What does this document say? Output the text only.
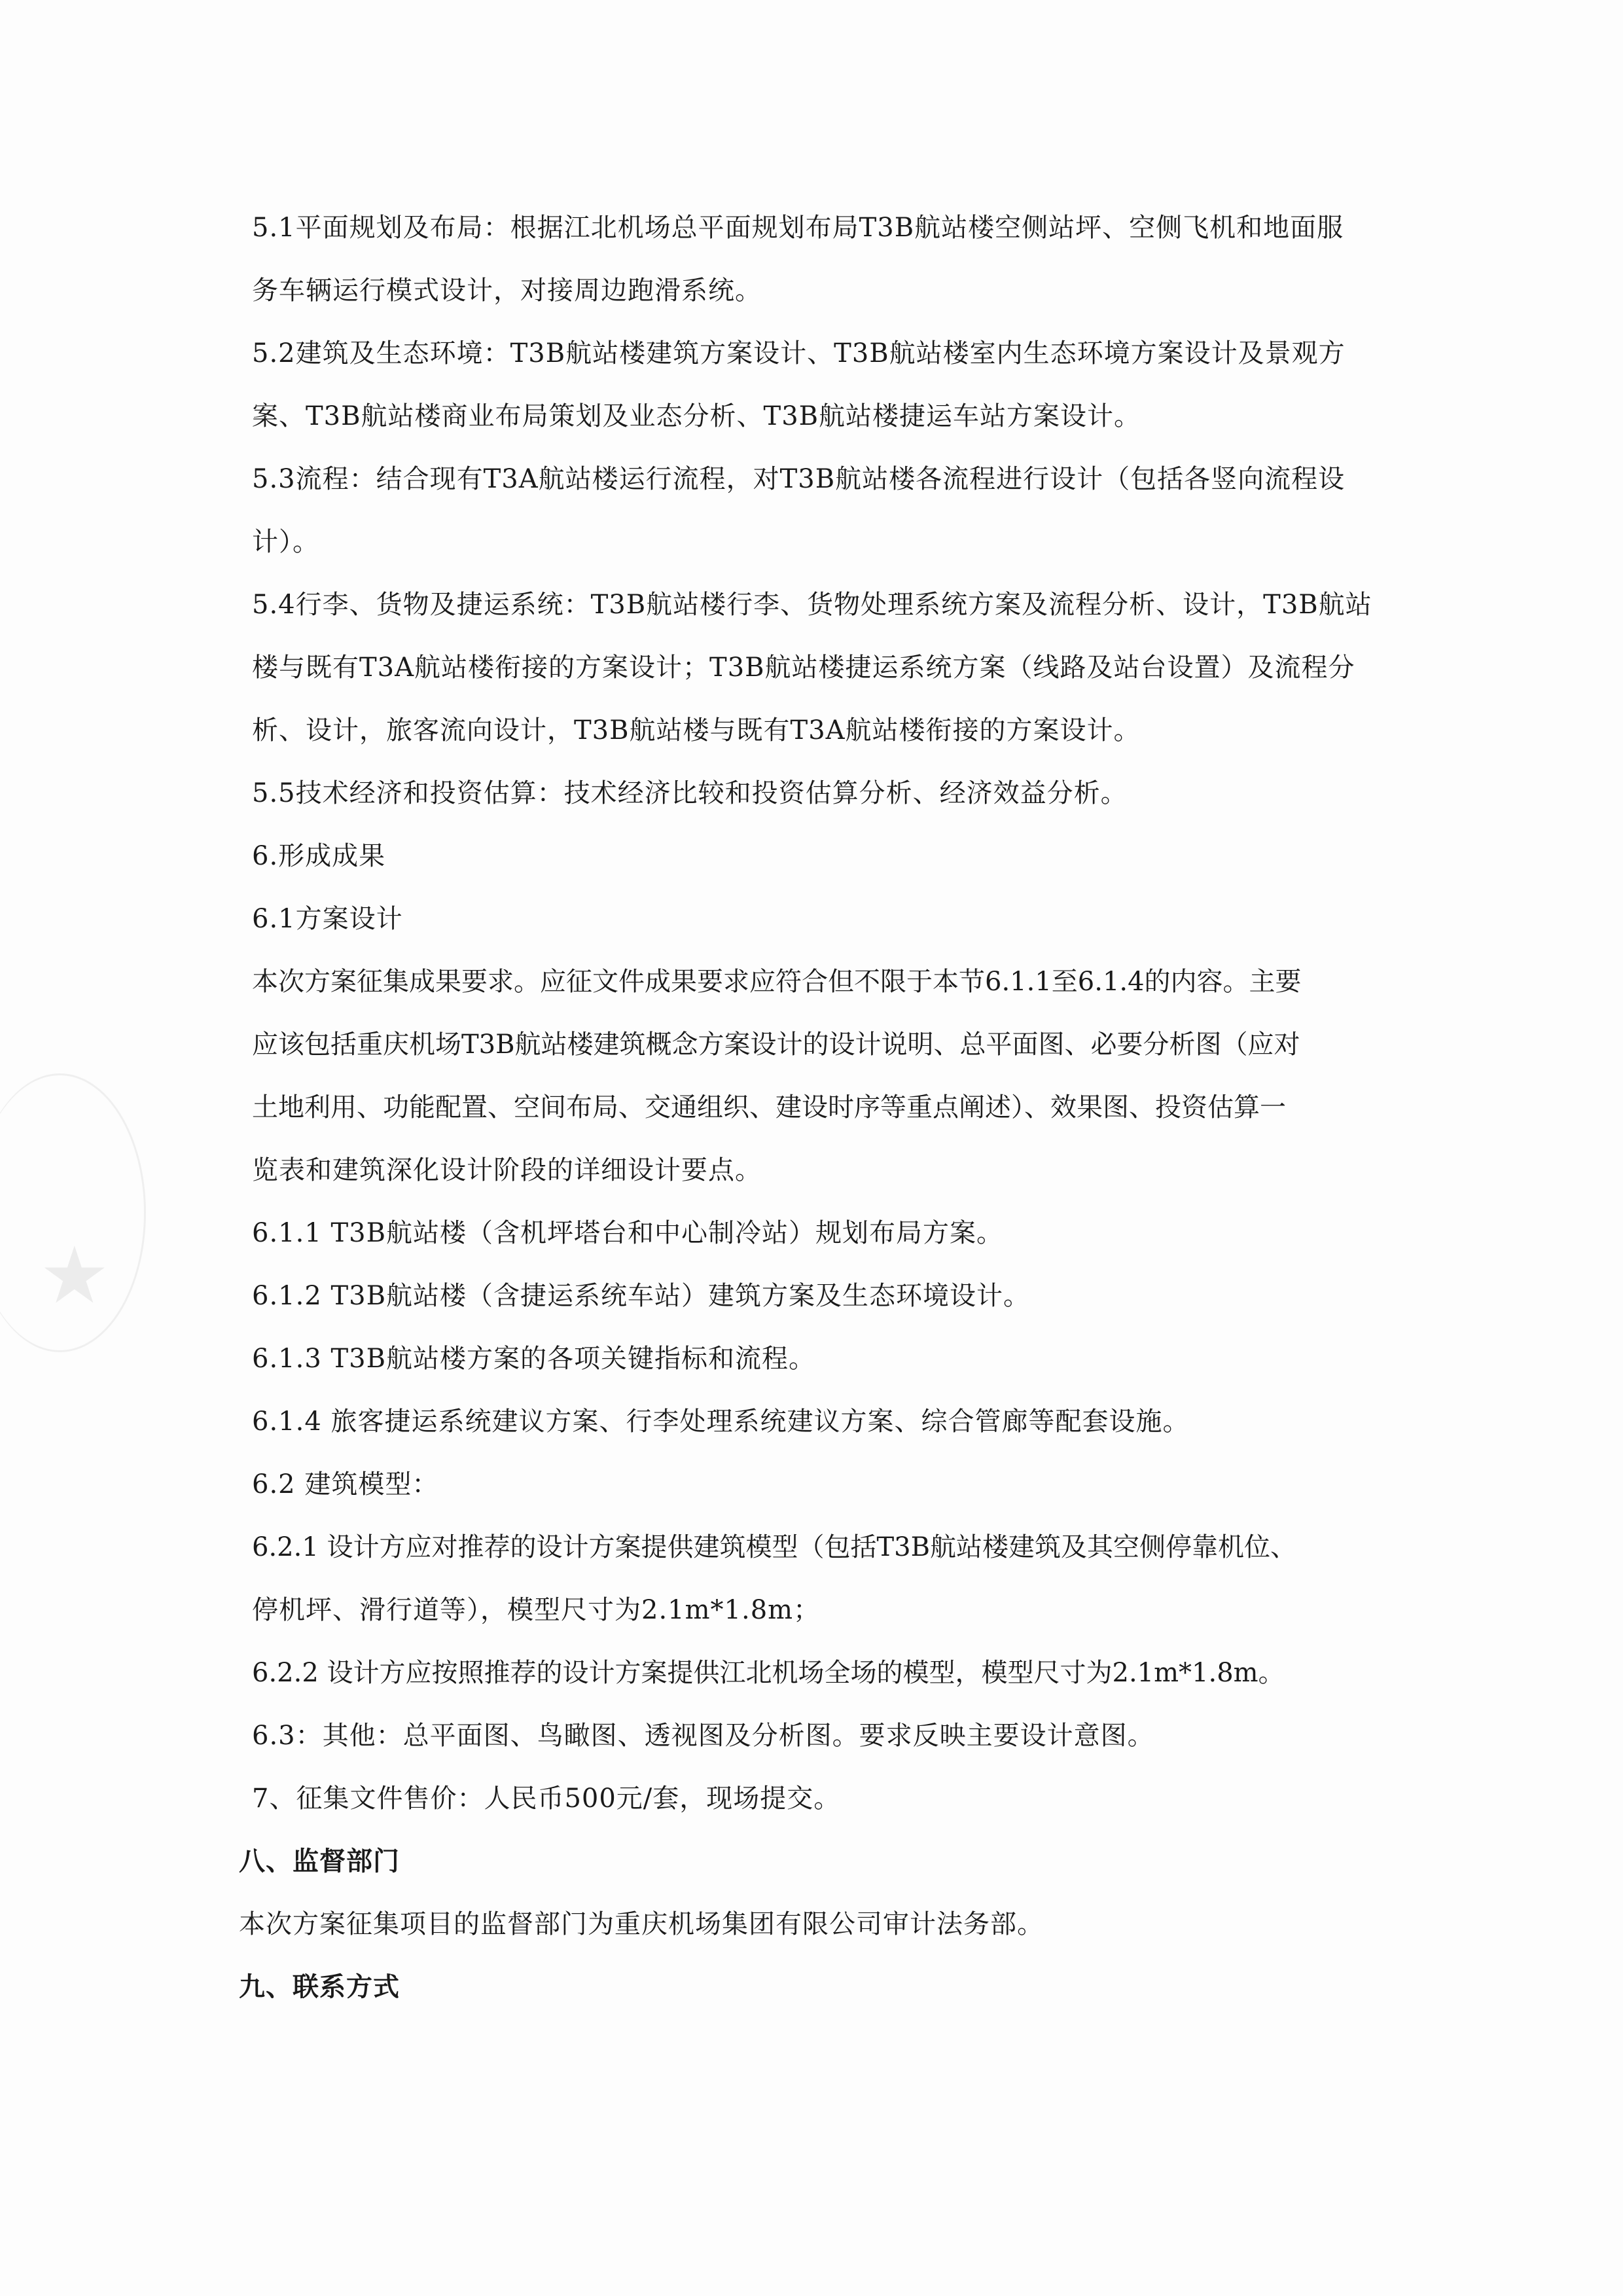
★
5.1平面规划及布局：根据江北机场总平面规划布局T3B航站楼空侧站坪、空侧飞机和地面服
务车辆运行模式设计，对接周边跑滑系统。
5.2建筑及生态环境：T3B航站楼建筑方案设计、T3B航站楼室内生态环境方案设计及景观方
案、T3B航站楼商业布局策划及业态分析、T3B航站楼捷运车站方案设计。
5.3流程：结合现有T3A航站楼运行流程，对T3B航站楼各流程进行设计（包括各竖向流程设
计）。
5.4行李、货物及捷运系统：T3B航站楼行李、货物处理系统方案及流程分析、设计，T3B航站
楼与既有T3A航站楼衔接的方案设计；T3B航站楼捷运系统方案（线路及站台设置）及流程分
析、设计，旅客流向设计，T3B航站楼与既有T3A航站楼衔接的方案设计。
5.5技术经济和投资估算：技术经济比较和投资估算分析、经济效益分析。
6.形成成果
6.1方案设计
本次方案征集成果要求。应征文件成果要求应符合但不限于本节6.1.1至6.1.4的内容。主要
应该包括重庆机场T3B航站楼建筑概念方案设计的设计说明、总平面图、必要分析图（应对
土地利用、功能配置、空间布局、交通组织、建设时序等重点阐述）、效果图、投资估算一
览表和建筑深化设计阶段的详细设计要点。
6.1.1 T3B航站楼（含机坪塔台和中心制冷站）规划布局方案。
6.1.2 T3B航站楼（含捷运系统车站）建筑方案及生态环境设计。
6.1.3 T3B航站楼方案的各项关键指标和流程。
6.1.4 旅客捷运系统建议方案、行李处理系统建议方案、综合管廊等配套设施。
6.2 建筑模型：
6.2.1 设计方应对推荐的设计方案提供建筑模型（包括T3B航站楼建筑及其空侧停靠机位、
停机坪、滑行道等），模型尺寸为2.1m*1.8m；
6.2.2 设计方应按照推荐的设计方案提供江北机场全场的模型，模型尺寸为2.1m*1.8m。
6.3：其他：总平面图、鸟瞰图、透视图及分析图。要求反映主要设计意图。
7、征集文件售价：人民币500元/套，现场提交。
八、监督部门
本次方案征集项目的监督部门为重庆机场集团有限公司审计法务部。
九、联系方式
